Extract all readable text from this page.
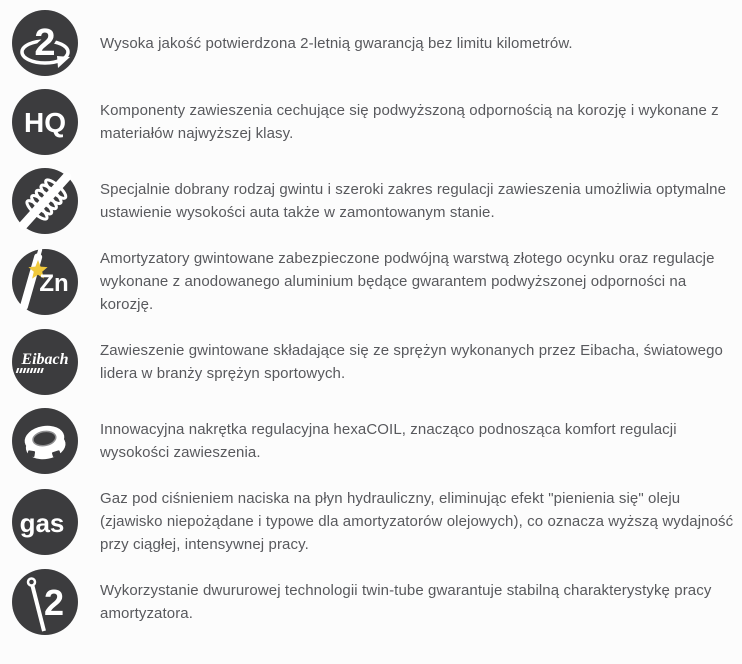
2	Wysoka jakość potwierdzona 2-letnią gwarancją bez limitu kilometrów.
HQ Komponenty zawieszenia cechujące się podwyższoną odpornością na korozję i wykonane z materiałów najwyższej klasy.
Specjalnie dobrany rodzaj gwintu i szeroki zakres regulacji zawieszenia umożliwia optymalne ustawienie wysokości auta także w zamontowanym stanie.
Zn
Amortyzatory gwintowane zabezpieczone podwójną warstwą złotego ocynku oraz regulacje wykonane z anodowanego aluminium będące gwarantem podwyższonej odporności na korozję.
Eibach
Zawieszenie gwintowane składające się ze sprężyn wykonanych przez Eibacha, światowego lidera w branży sprężyn sportowych.
Innowacyjna nakrętka regulacyjna hexaCOIL, znacząco podnosząca komfort regulacji wysokości zawieszenia.
gas
Gaz pod ciśnieniem naciska na płyn hydrauliczny, eliminując efekt "pienienia się" oleju (zjawisko niepożądane i typowe dla amortyzatorów olejowych), co oznacza wyższą wydajność przy ciągłej, intensywnej pracy.
2 Wykorzystanie dwururowej technologii twin-tube gwarantuje stabilną charakterystykę pracy amortyzatora.
